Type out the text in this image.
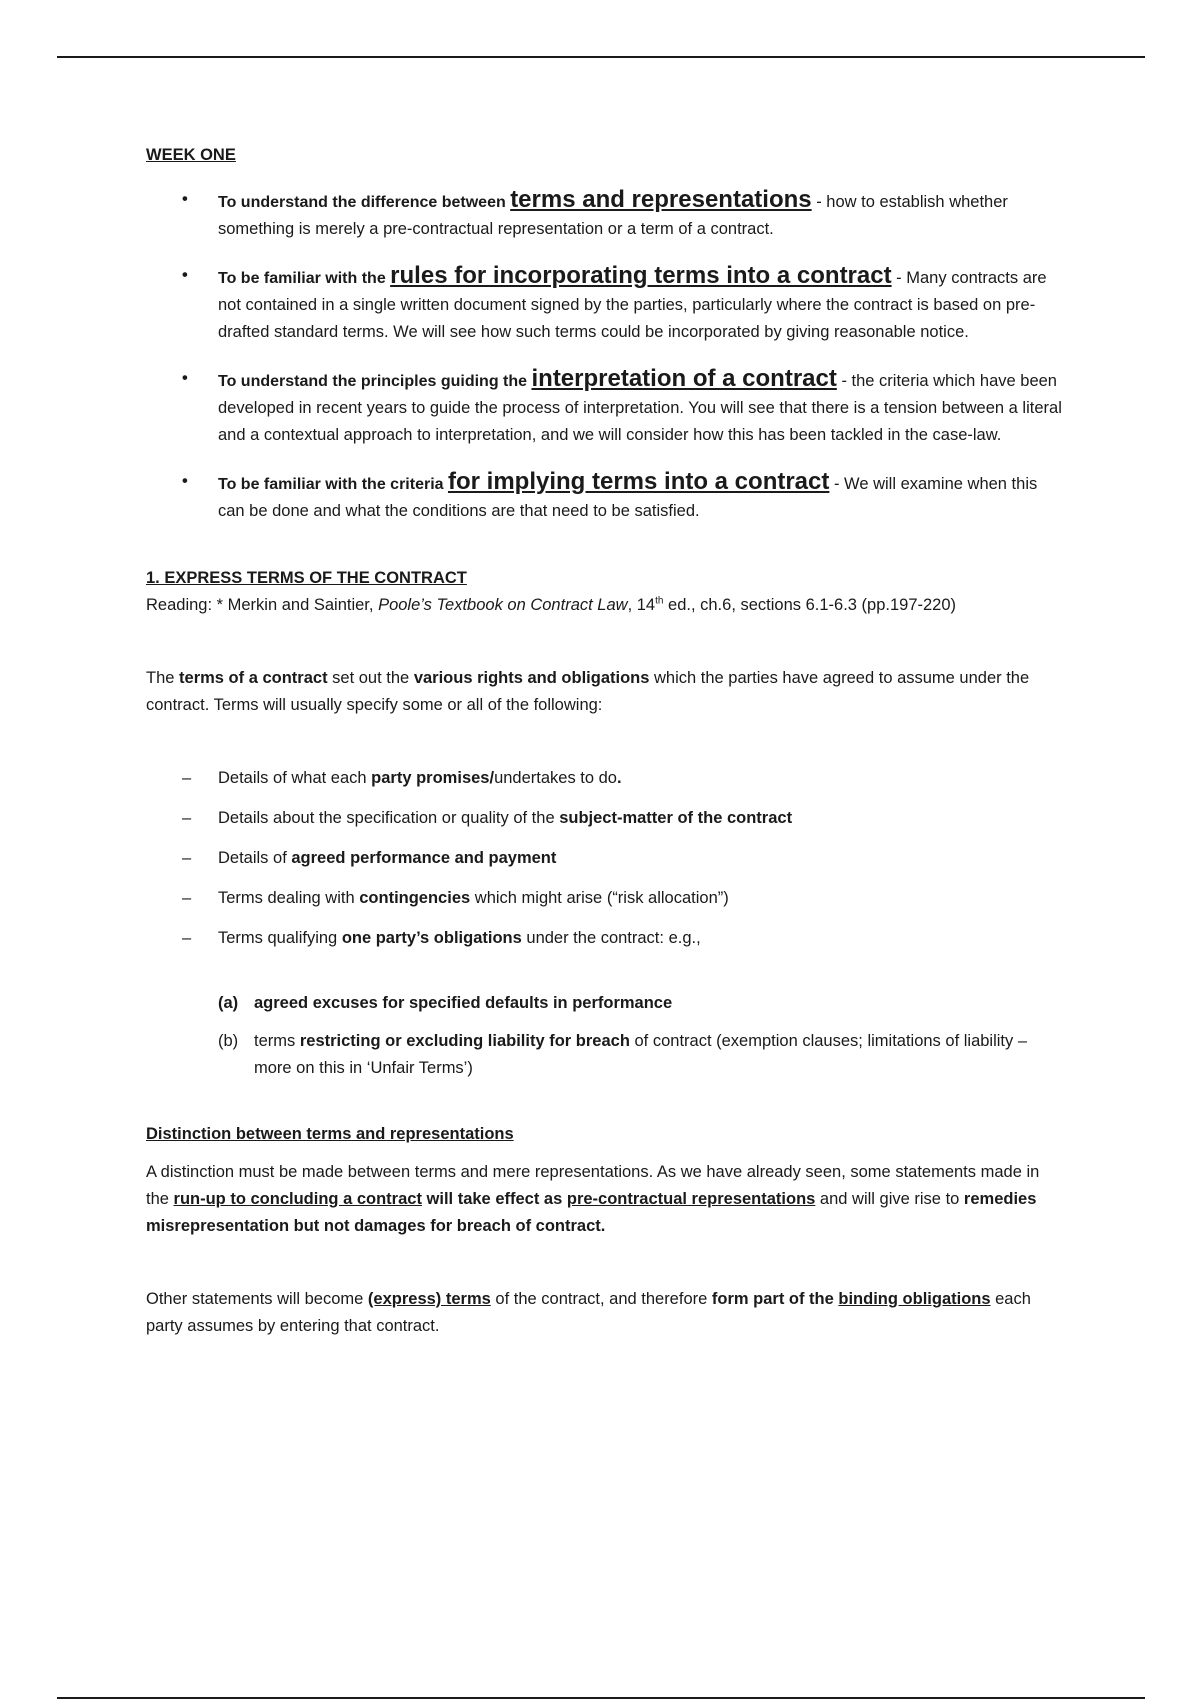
WEEK ONE

• To understand the difference between terms and representations - how to establish whether something is merely a pre-contractual representation or a term of a contract.
• To be familiar with the rules for incorporating terms into a contract - Many contracts are not contained in a single written document signed by the parties, particularly where the contract is based on pre-drafted standard terms. We will see how such terms could be incorporated by giving reasonable notice.
• To understand the principles guiding the interpretation of a contract - the criteria which have been developed in recent years to guide the process of interpretation. You will see that there is a tension between a literal and a contextual approach to interpretation, and we will consider how this has been tackled in the case-law.
• To be familiar with the criteria for implying terms into a contract - We will examine when this can be done and what the conditions are that need to be satisfied.

1. EXPRESS TERMS OF THE CONTRACT

Reading: * Merkin and Saintier, Poole’s Textbook on Contract Law, 14th ed., ch.6, sections 6.1-6.3 (pp.197-220)

The terms of a contract set out the various rights and obligations which the parties have agreed to assume under the contract. Terms will usually specify some or all of the following:

– Details of what each party promises/undertakes to do.
– Details about the specification or quality of the subject-matter of the contract
– Details of agreed performance and payment
– Terms dealing with contingencies which might arise (“risk allocation”)
– Terms qualifying one party’s obligations under the contract: e.g.,
(a) agreed excuses for specified defaults in performance
(b) terms restricting or excluding liability for breach of contract (exemption clauses; limitations of liability – more on this in ‘Unfair Terms’)

Distinction between terms and representations

A distinction must be made between terms and mere representations. As we have already seen, some statements made in the run-up to concluding a contract will take effect as pre-contractual representations and will give rise to remedies misrepresentation but not damages for breach of contract.

Other statements will become (express) terms of the contract, and therefore form part of the binding obligations each party assumes by entering that contract.
